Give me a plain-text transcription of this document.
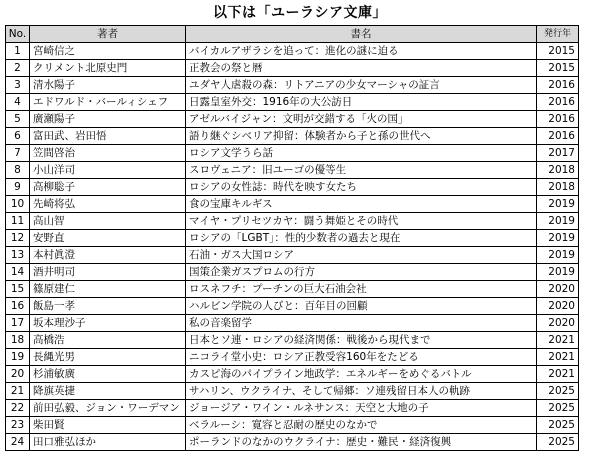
以下は「ユーラシア文庫」
No.	著者	書名	発行年
1	宮崎信之	バイカルアザラシを追って：進化の謎に迫る	2015
2	クリメント北原史門	正教会の祭と暦	2015
3	清水陽子	ユダヤ人虐殺の森：リトアニアの少女マーシャの証言	2016
4	エドワルド・バールィシェフ	日露皇室外交：1916年の大公訪日	2016
5	廣瀬陽子	アゼルバイジャン：文明が交錯する「火の国」	2016
6	富田武、岩田悟	語り継ぐシベリア抑留：体験者から子と孫の世代へ	2016
7	笠間啓治	ロシア文学うら話	2017
8	小山洋司	スロヴェニア：旧ユーゴの優等生	2018
9	高柳聡子	ロシアの女性誌：時代を映す女たち	2018
10	先崎将弘	食の宝庫キルギス	2019
11	高山智	マイヤ・プリセツカヤ：闘う舞姫とその時代	2019
12	安野直	ロシアの「LGBT」：性的少数者の過去と現在	2019
13	本村眞澄	石油・ガス大国ロシア	2019
14	酒井明司	国策企業ガスプロムの行方	2019
15	篠原建仁	ロスネフチ：プーチンの巨大石油会社	2020
16	飯島一孝	ハルビン学院の人びと：百年目の回顧	2020
17	坂本理沙子	私の音楽留学	2020
18	高橋浩	日本とソ連・ロシアの経済関係：戦後から現代まで	2021
19	長縄光男	ニコライ堂小史：ロシア正教受容160年をたどる	2021
20	杉浦敏廣	カスピ海のパイプライン地政学：エネルギーをめぐるバトル	2021
21	降旗英捷	サハリン、ウクライナ、そして帰郷：ソ連残留日本人の軌跡	2025
22	前田弘毅、ジョン・ワーデマン	ジョージア・ワイン・ルネサンス：天空と大地の子	2025
23	柴田賢	ベラルーシ：寛容と忍耐の歴史のなかで	2025
24	田口雅弘ほか	ポーランドのなかのウクライナ：歴史・難民・経済復興	2025
